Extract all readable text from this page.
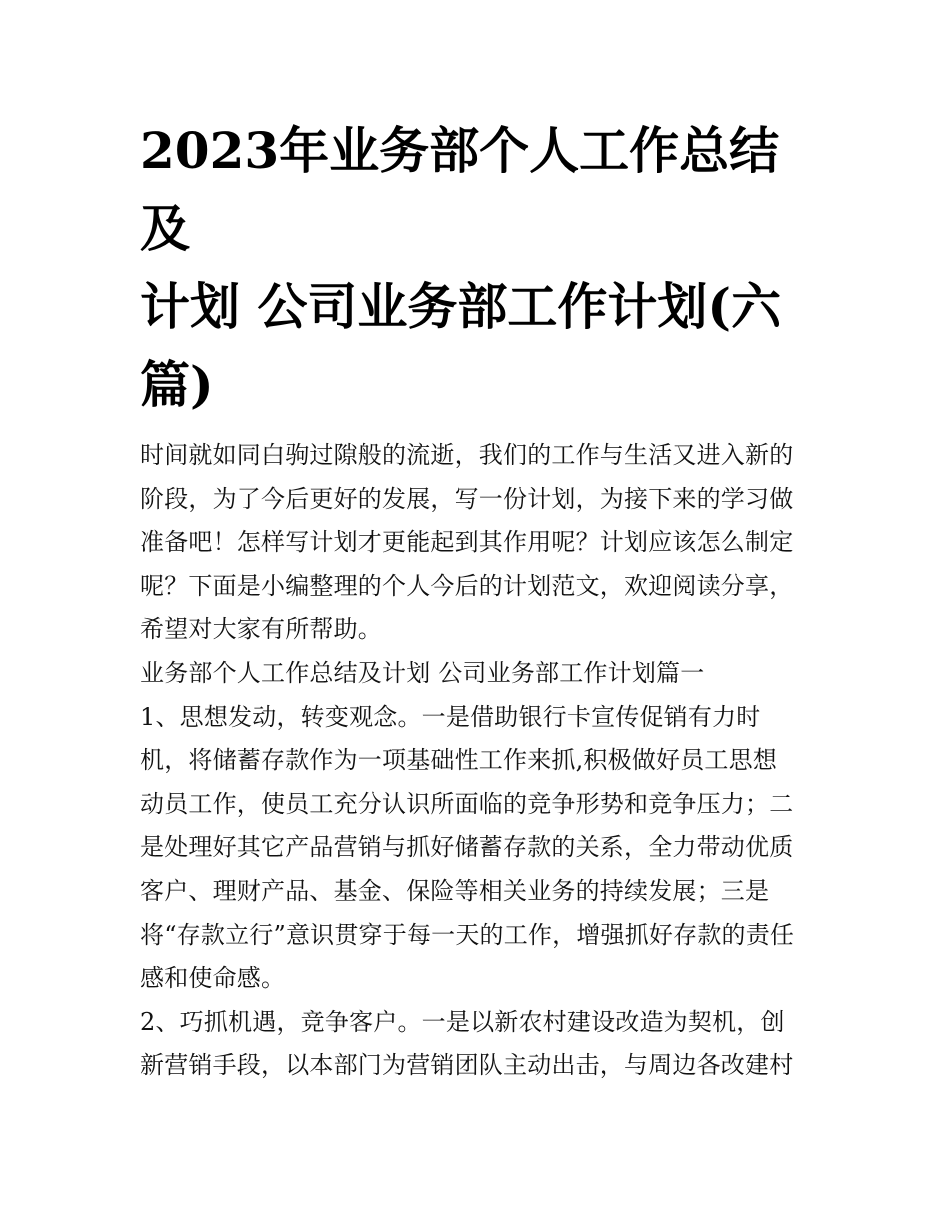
2023年业务部个人工作总结及
计划 公司业务部工作计划(六
篇)
时间就如同白驹过隙般的流逝，我们的工作与生活又进入新的
阶段，为了今后更好的发展，写一份计划，为接下来的学习做
准备吧！怎样写计划才更能起到其作用呢？计划应该怎么制定
呢？下面是小编整理的个人今后的计划范文，欢迎阅读分享，
希望对大家有所帮助。
业务部个人工作总结及计划 公司业务部工作计划篇一
1、思想发动，转变观念。一是借助银行卡宣传促销有力时
机，将储蓄存款作为一项基础性工作来抓,积极做好员工思想
动员工作，使员工充分认识所面临的竞争形势和竞争压力；二
是处理好其它产品营销与抓好储蓄存款的关系，全力带动优质
客户、理财产品、基金、保险等相关业务的持续发展；三是
将“存款立行”意识贯穿于每一天的工作，增强抓好存款的责任
感和使命感。
2、巧抓机遇，竞争客户。一是以新农村建设改造为契机，创
新营销手段，以本部门为营销团队主动出击，与周边各改建村
